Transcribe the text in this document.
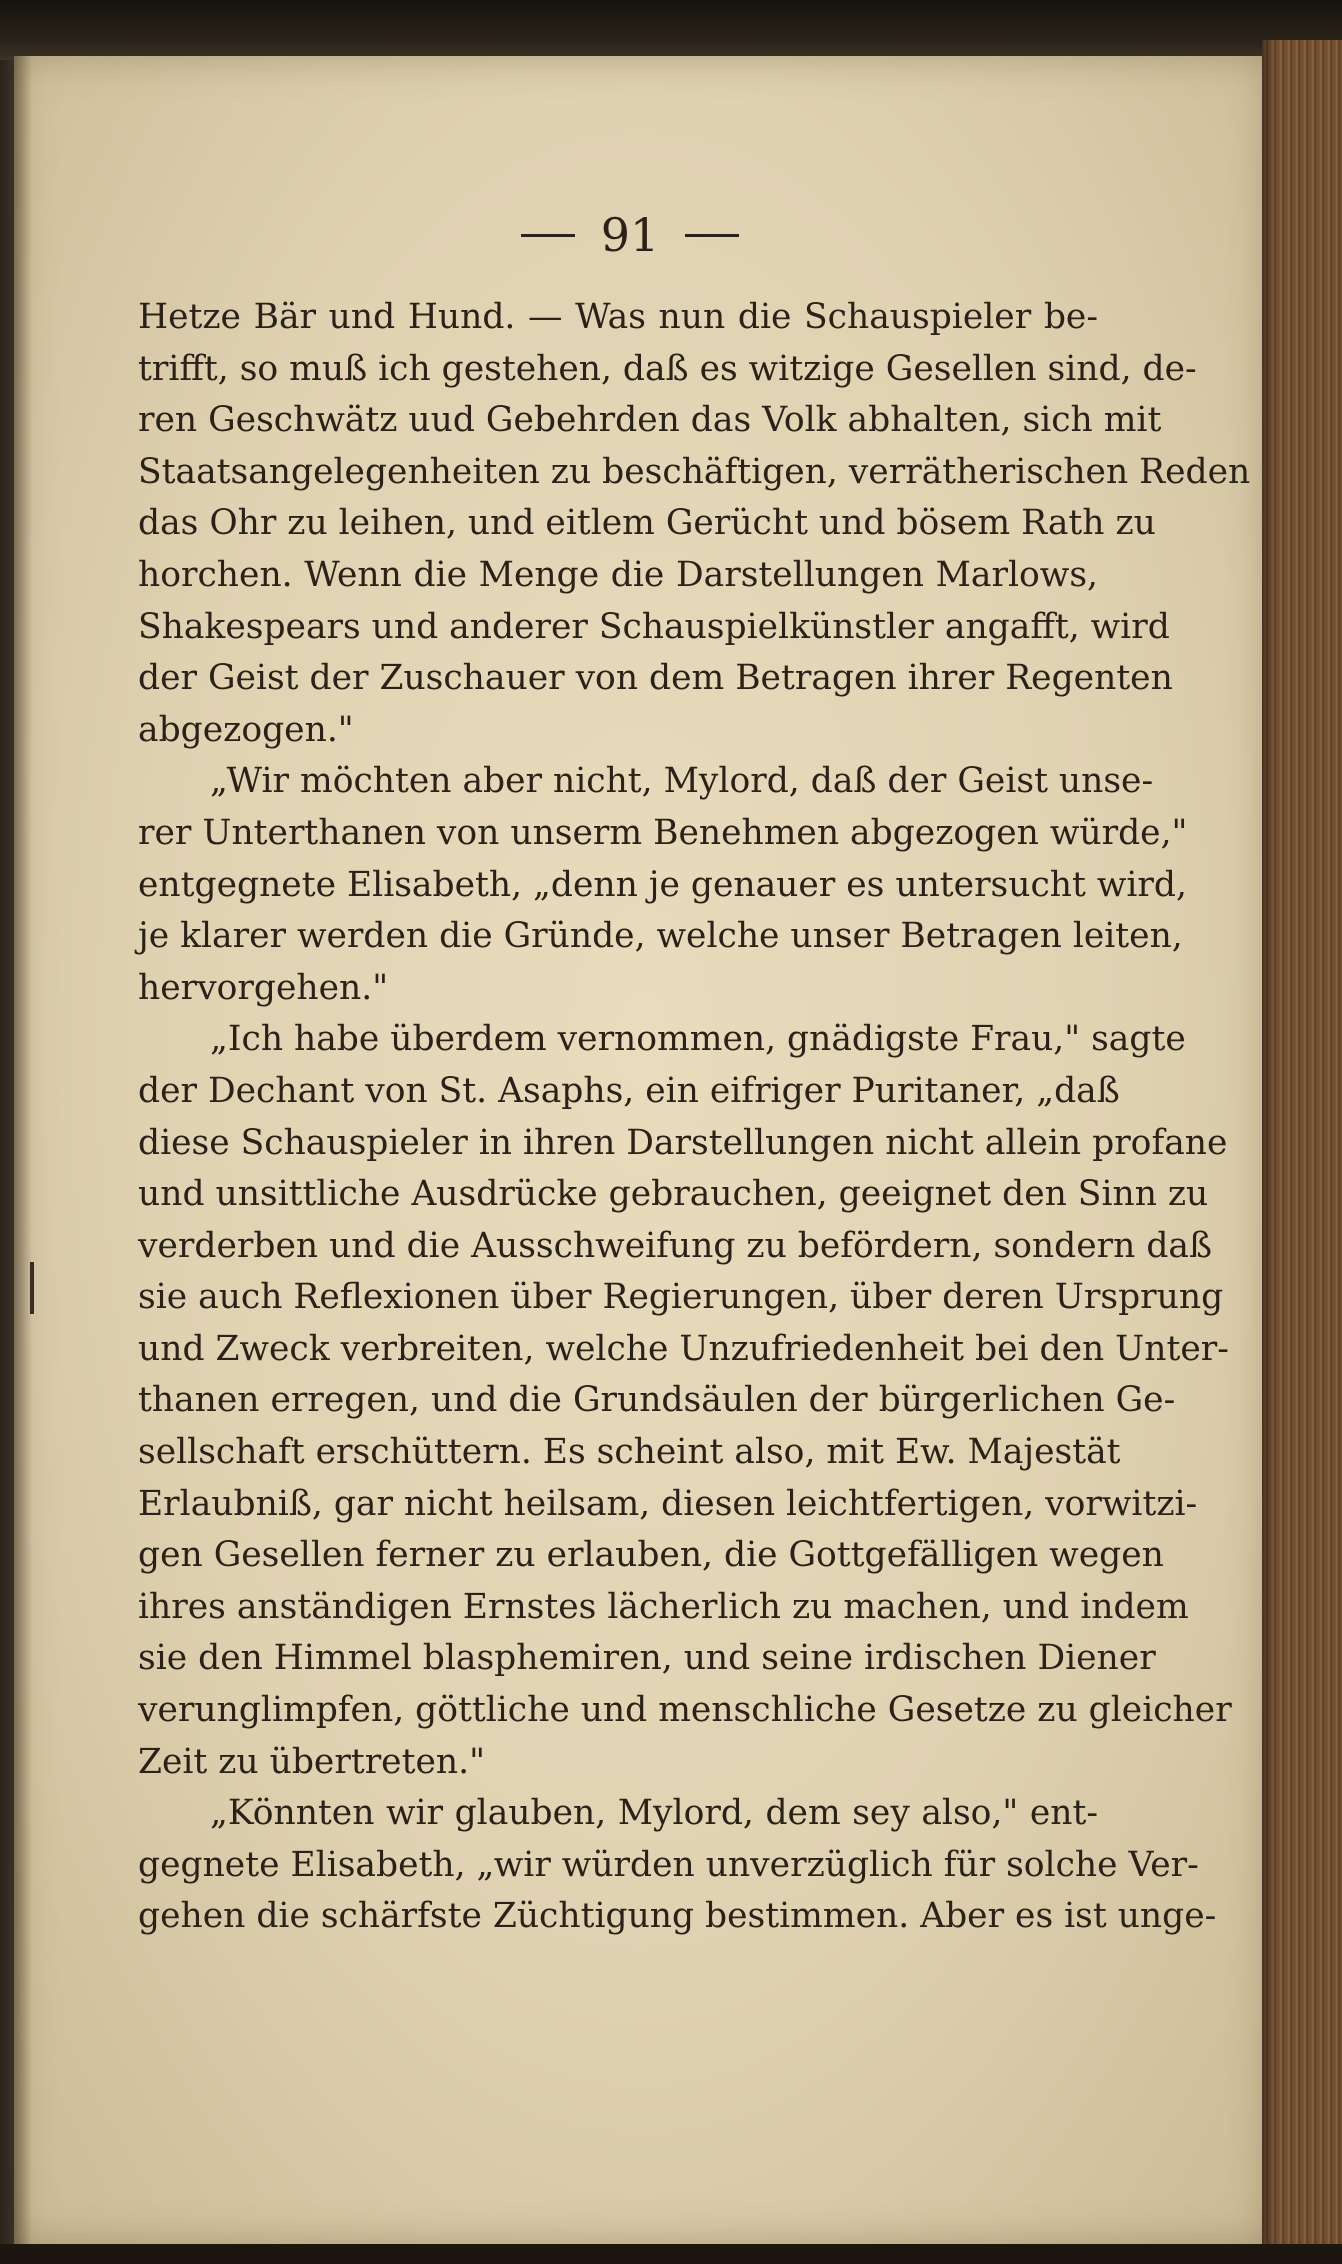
91
Hetze Bär und Hund. — Was nun die Schauspieler be-
trifft, so muß ich gestehen, daß es witzige Gesellen sind, de-
ren Geschwätz uud Gebehrden das Volk abhalten, sich mit
Staatsangelegenheiten zu beschäftigen, verrätherischen Reden
das Ohr zu leihen, und eitlem Gerücht und bösem Rath zu
horchen. Wenn die Menge die Darstellungen Marlows,
Shakespears und anderer Schauspielkünstler angafft, wird
der Geist der Zuschauer von dem Betragen ihrer Regenten
abgezogen."
„Wir möchten aber nicht, Mylord, daß der Geist unse-
rer Unterthanen von unserm Benehmen abgezogen würde,"
entgegnete Elisabeth, „denn je genauer es untersucht wird,
je klarer werden die Gründe, welche unser Betragen leiten,
hervorgehen."
„Ich habe überdem vernommen, gnädigste Frau," sagte
der Dechant von St. Asaphs, ein eifriger Puritaner, „daß
diese Schauspieler in ihren Darstellungen nicht allein profane
und unsittliche Ausdrücke gebrauchen, geeignet den Sinn zu
verderben und die Ausschweifung zu befördern, sondern daß
sie auch Reflexionen über Regierungen, über deren Ursprung
und Zweck verbreiten, welche Unzufriedenheit bei den Unter-
thanen erregen, und die Grundsäulen der bürgerlichen Ge-
sellschaft erschüttern. Es scheint also, mit Ew. Majestät
Erlaubniß, gar nicht heilsam, diesen leichtfertigen, vorwitzi-
gen Gesellen ferner zu erlauben, die Gottgefälligen wegen
ihres anständigen Ernstes lächerlich zu machen, und indem
sie den Himmel blasphemiren, und seine irdischen Diener
verunglimpfen, göttliche und menschliche Gesetze zu gleicher
Zeit zu übertreten."
„Könnten wir glauben, Mylord, dem sey also," ent-
gegnete Elisabeth, „wir würden unverzüglich für solche Ver-
gehen die schärfste Züchtigung bestimmen. Aber es ist unge-
